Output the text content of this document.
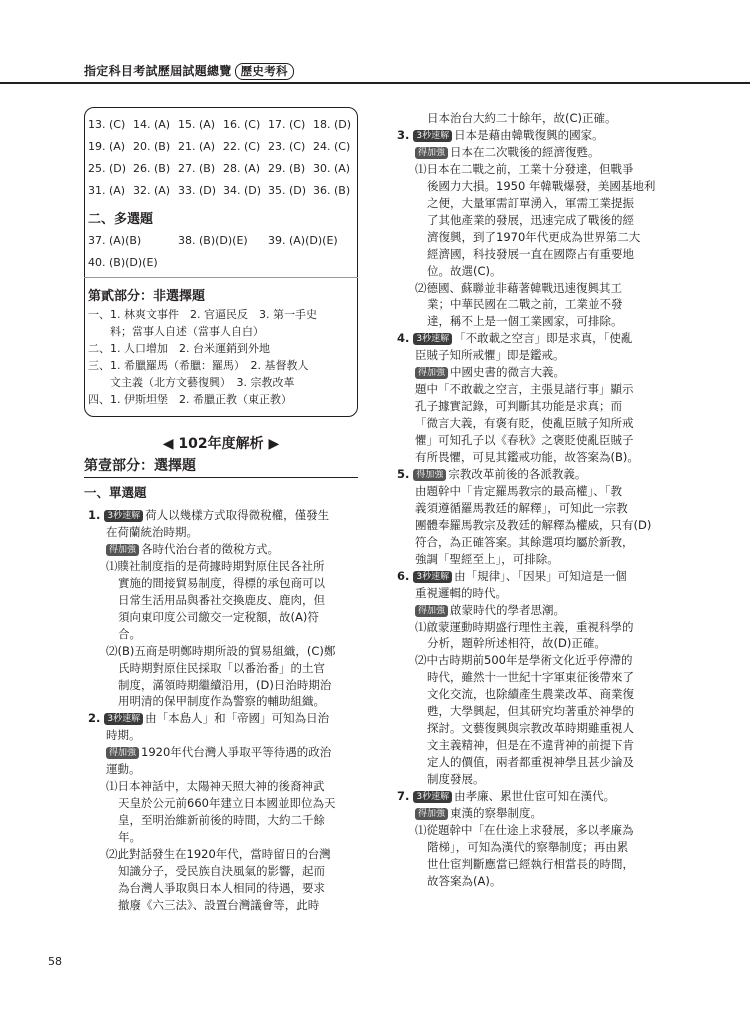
指定科目考試歷屆試題總覽 歷史考科
13. (C) 14. (A) 15. (A) 16. (C) 17. (C) 18. (D)
19. (A) 20. (B) 21. (A) 22. (C) 23. (C) 24. (C)
25. (D) 26. (B) 27. (B) 28. (A) 29. (B) 30. (A)
31. (A) 32. (A) 33. (D) 34. (D) 35. (D) 36. (B)
二、多選題
37. (A)(B)	38. (B)(D)(E) 39. (A)(D)(E)
40. (B)(D)(E)
第貳部分：非選擇題
一、1. 林爽文事件　2. 官逼民反　3. 第一手史
　　料；當事人自述（當事人自白）
二、1. 人口增加　2. 台米運銷到外地
三、1. 希臘羅馬（希臘：羅馬）　2. 基督教人
　　文主義（北方文藝復興）　3. 宗教改革
四、1. 伊斯坦堡　2. 希臘正教（東正教）
◀ 102年度解析 ▶
第壹部分：選擇題
一、單選題
1. 3秒速解 荷人以幾樣方式取得微稅權，僅發生
在荷蘭統治時期。
得加強 各時代治台者的徵稅方式。
⑴贌社制度指的是荷據時期對原住民各社所
實施的間接貿易制度，得標的承包商可以
日常生活用品與番社交換鹿皮、鹿肉，但
須向東印度公司繳交一定稅額，故(A)符
合。
⑵(B)五商是明鄭時期所設的貿易組織，(C)鄭
氏時期對原住民採取「以番治番」的土官
制度，滿領時期繼續沿用，(D)日治時期治
用明清的保甲制度作為警察的輔助組織。
2. 3秒速解 由「本島人」和「帝國」可知為日治
時期。
得加強 1920年代台灣人爭取平等待遇的政治
運動。
⑴日本神話中，太陽神天照大神的後裔神武
天皇於公元前660年建立日本國並即位為天
皇，至明治維新前後的時間，大約二千餘
年。
⑵此對話發生在1920年代，當時留日的台灣
知識分子，受民族自決風氣的影響，起而
為台灣人爭取與日本人相同的待遇，要求
撤廢《六三法》、設置台灣議會等，此時
日本治台大約二十餘年，故(C)正確。
3. 3秒速解 日本是藉由韓戰復興的國家。
得加強 日本在二次戰後的經濟復甦。
⑴日本在二戰之前，工業十分發達，但戰爭
後國力大損。1950 年韓戰爆發，美國基地利
之便，大量軍需訂單湧入，軍需工業提振
了其他產業的發展，迅速完成了戰後的經
濟復興，到了1970年代更成為世界第二大
經濟國，科技發展一直在國際占有重要地
位。故選(C)。
⑵德國、蘇聯並非藉著韓戰迅速復興其工
業；中華民國在二戰之前，工業並不發
達，稱不上是一個工業國家，可排除。
4. 3秒速解 「不敢載之空言」即是求真，「使亂
臣賊子知所戒懼」即是鑑戒。
得加強 中國史書的微言大義。
題中「不敢載之空言，主張見諸行事」顯示
孔子據實記錄，可判斷其功能是求真；而
「微言大義，有褒有貶，使亂臣賊子知所戒
懼」可知孔子以《春秋》之褒貶使亂臣賊子
有所畏懼，可見其鑑戒功能，故答案為(B)。
5. 得加強 宗教改革前後的各派教義。
由題幹中「肯定羅馬教宗的最高權」、「教
義須遵循羅馬教廷的解釋」，可知此一宗教
團體奉羅馬教宗及教廷的解釋為權威，只有(D)
符合，為正確答案。其餘選項均屬於新教，
強調「聖經至上」，可排除。
6. 3秒速解 由「規律」、「因果」可知這是一個
重視邏輯的時代。
得加強 啟蒙時代的學者思潮。
⑴啟蒙運動時期盛行理性主義，重視科學的
分析，題幹所述相符，故(D)正確。
⑵中古時期前500年是學術文化近乎停滯的
時代，雖然十一世紀十字軍東征後帶來了
文化交流，也除續產生農業改革、商業復
甦，大學興起，但其研究均著重於神學的
探討。文藝復興與宗教改革時期雖重視人
文主義精神，但是在不違背神的前提下肯
定人的價值，兩者都重視神學且甚少論及
制度發展。
7. 3秒速解 由孝廉、累世仕宦可知在漢代。
得加強 東漢的察舉制度。
⑴從題幹中「在仕途上求發展，多以孝廉為
階梯」，可知為漢代的察舉制度；再由累
世仕宦判斷應當已經執行相當長的時間，
故答案為(A)。
58
